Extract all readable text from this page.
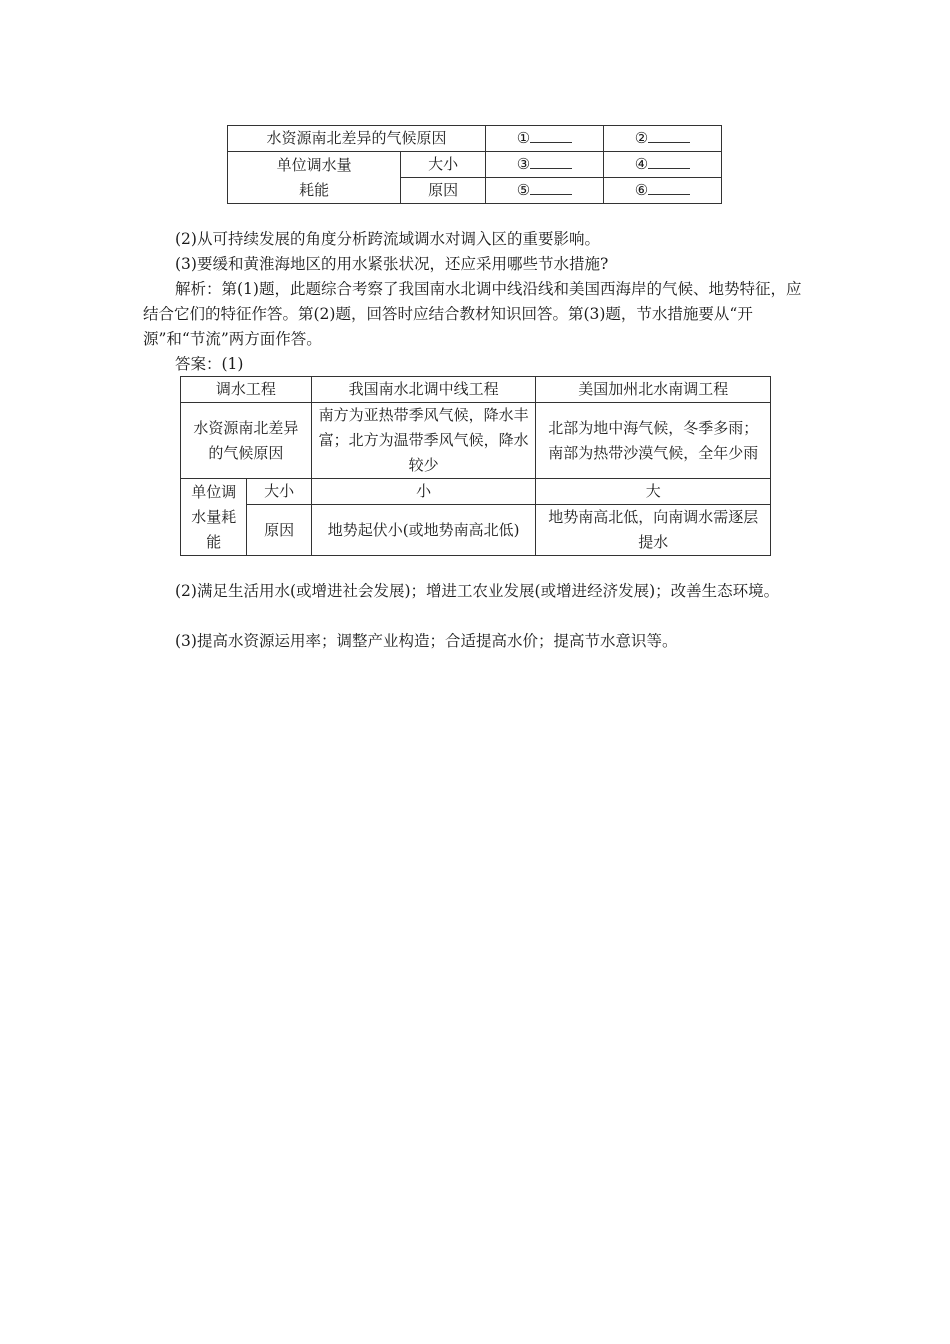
水资源南北差异的气候原因		①	②

单位调水量
耗能	大小	③	④
	原因	⑤	⑥

(2)从可持续发展的角度分析跨流域调水对调入区的重要影响。

(3)要缓和黄淮海地区的用水紧张状况，还应采用哪些节水措施?

解析：第(1)题，此题综合考察了我国南水北调中线沿线和美国西海岸的气候、地势特征，应结合它们的特征作答。第(2)题，回答时应结合教材知识回答。第(3)题，节水措施要从“开源”和“节流”两方面作答。

答案：(1)

调水工程		我国南水北调中线工程	美国加州北水南调工程
水资源南北差异的气候原因		南方为亚热带季风气候，降水丰富；北方为温带季风气候，降水较少	北部为地中海气候，冬季多雨；南部为热带沙漠气候，全年少雨
单位调水量耗能	大小	小	大
	原因	地势起伏小(或地势南高北低)	地势南高北低，向南调水需逐层提水

(2)满足生活用水(或增进社会发展)；增进工农业发展(或增进经济发展)；改善生态环境。

(3)提高水资源运用率；调整产业构造；合适提高水价；提高节水意识等。
